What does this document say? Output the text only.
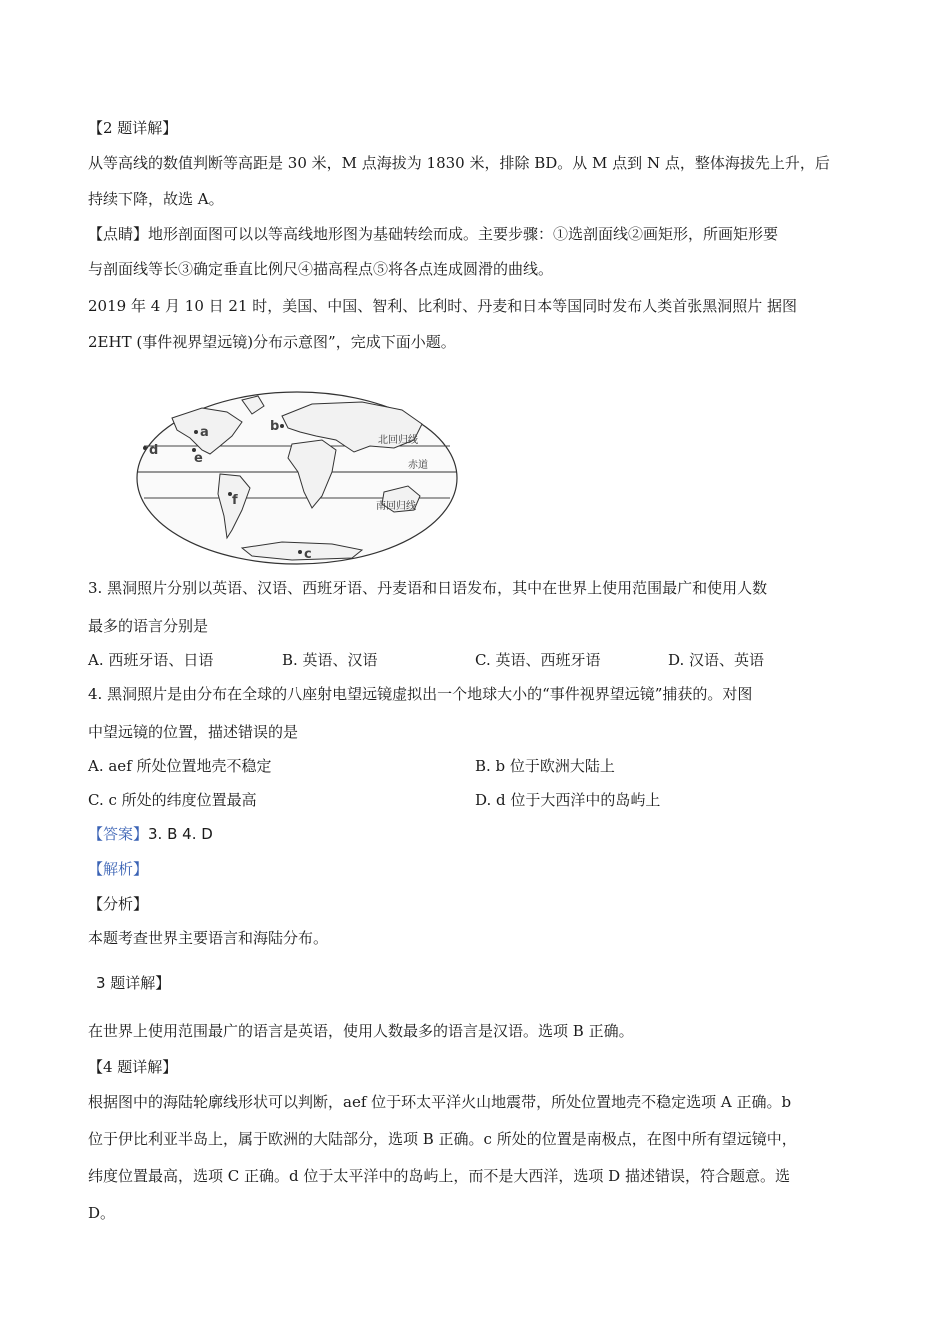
【2 题详解】
从等高线的数值判断等高距是 30 米，M 点海拔为 1830 米，排除 BD。从 M 点到 N 点，整体海拔先上升，后
持续下降，故选 A。
【点睛】地形剖面图可以以等高线地形图为基础转绘而成。主要步骤：①选剖面线②画矩形，所画矩形要
与剖面线等长③确定垂直比例尺④描高程点⑤将各点连成圆滑的曲线。
2019 年 4 月 10 日 21 时，美国、中国、智利、比利时、丹麦和日本等国同时发布人类首张黑洞照片 据图
2EHT (事件视界望远镜)分布示意图”，完成下面小题。
北回归线
赤道
南回归线
a	b
d
e
f
c
3. 黑洞照片分别以英语、汉语、西班牙语、丹麦语和日语发布，其中在世界上使用范围最广和使用人数
最多的语言分别是
A. 西班牙语、日语	B. 英语、汉语	C. 英语、西班牙语	D. 汉语、英语
4. 黑洞照片是由分布在全球的八座射电望远镜虚拟出一个地球大小的“事件视界望远镜”捕获的。对图
中望远镜的位置，描述错误的是
A. aef 所处位置地壳不稳定	B. b 位于欧洲大陆上
C. c 所处的纬度位置最高	D. d 位于大西洋中的岛屿上
【答案】3. B 4. D
【解析】
【分析】
本题考查世界主要语言和海陆分布。
3 题详解】
在世界上使用范围最广的语言是英语，使用人数最多的语言是汉语。选项 B 正确。
【4 题详解】
根据图中的海陆轮廓线形状可以判断，aef 位于环太平洋火山地震带，所处位置地壳不稳定选项 A 正确。b
位于伊比利亚半岛上，属于欧洲的大陆部分，选项 B 正确。c 所处的位置是南极点，在图中所有望远镜中，
纬度位置最高，选项 C 正确。d 位于太平洋中的岛屿上，而不是大西洋，选项 D 描述错误，符合题意。选
D。
